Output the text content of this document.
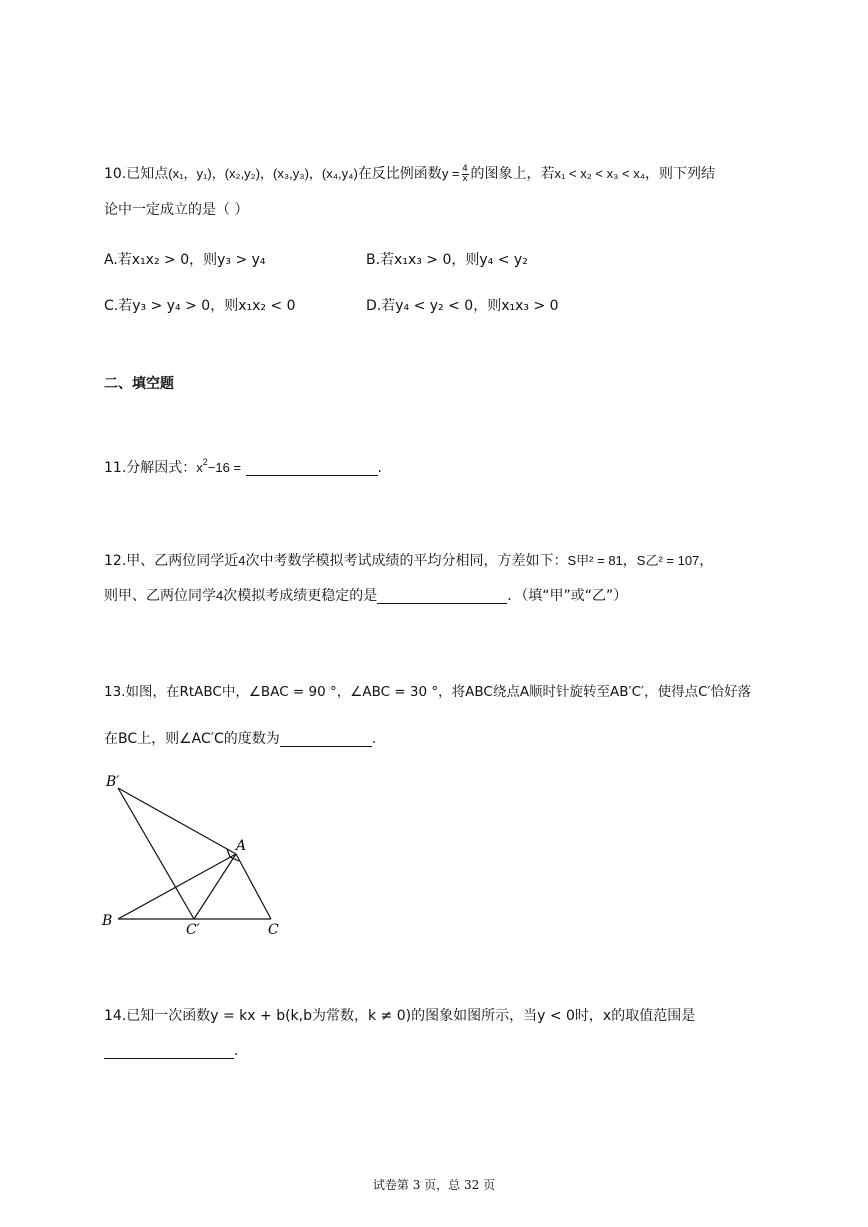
10.已知点(x₁，y₁)，(x₂,y₂)，(x₃,y₃)，(x₄,y₄)在反比例函数$y = \frac{4}{x}$ 的图象上，若x₁ < x₂ < x₃ < x₄，则下列结
论中一定成立的是（ ）
A.若x₁x₂ > 0，则y₃ > y₄	B.若x₁x₃ > 0，则y₄ < y₂
C.若y₃ > y₄ > 0，则x₁x₂ < 0	D.若y₄ < y₂ < 0，则x₁x₃ > 0
二、填空题
11.分解因式：$x^2-16$ =	.
12.甲、乙两位同学近4次中考数学模拟考试成绩的平均分相同，方差如下：S甲² = 81，S乙² = 107，
则甲、乙两位同学4次模拟考成绩更稳定的是	．（填“甲”或“乙”）
13.如图，在RtABC中，∠BAC = 90 °，∠ABC = 30 °，将ABC绕点A顺时针旋转至AB′C′，使得点C′恰好落
在BC上，则∠AC′C的度数为	.
B′
A
B
C′	C
14.已知一次函数y = kx + b(k,b为常数，k ≠ 0)的图象如图所示，当y < 0时，x的取值范围是
.
试卷第 3 页，总 32 页
